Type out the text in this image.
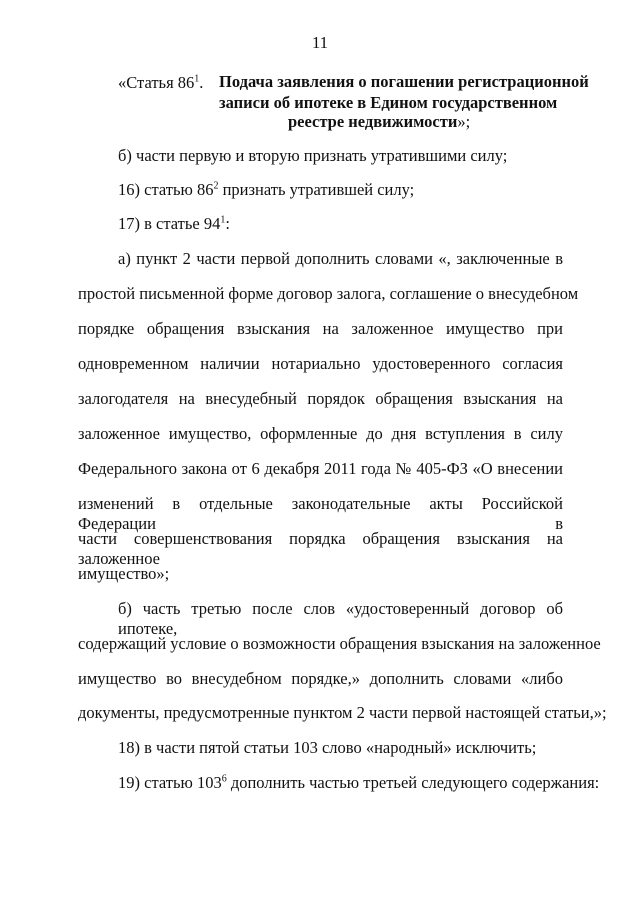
11
«Статья $86^1$. Подача заявления о погашении регистрационной
записи об ипотеке в Едином государственном
реестре недвижимости»;
б) части первую и вторую признать утратившими силу;
16) статью $86^2$ признать утратившей силу;
17) в статье $94^1$:
а) пункт 2 части первой дополнить словами «, заключенные в
простой письменной форме договор залога, соглашение о внесудебном
порядке обращения взыскания на заложенное имущество при
одновременном наличии нотариально удостоверенного согласия
залогодателя на внесудебный порядок обращения взыскания на
заложенное имущество, оформленные до дня вступления в силу
Федерального закона от 6 декабря 2011 года № 405-ФЗ «О внесении
изменений в отдельные законодательные акты Российской Федерации в
части совершенствования порядка обращения взыскания на заложенное
имущество»;
б) часть третью после слов «удостоверенный договор об ипотеке,
содержащий условие о возможности обращения взыскания на заложенное
имущество во внесудебном порядке,» дополнить словами «либо
документы, предусмотренные пунктом 2 части первой настоящей статьи,»;
18) в части пятой статьи 103 слово «народный» исключить;
19) статью $103^6$ дополнить частью третьей следующего содержания:
